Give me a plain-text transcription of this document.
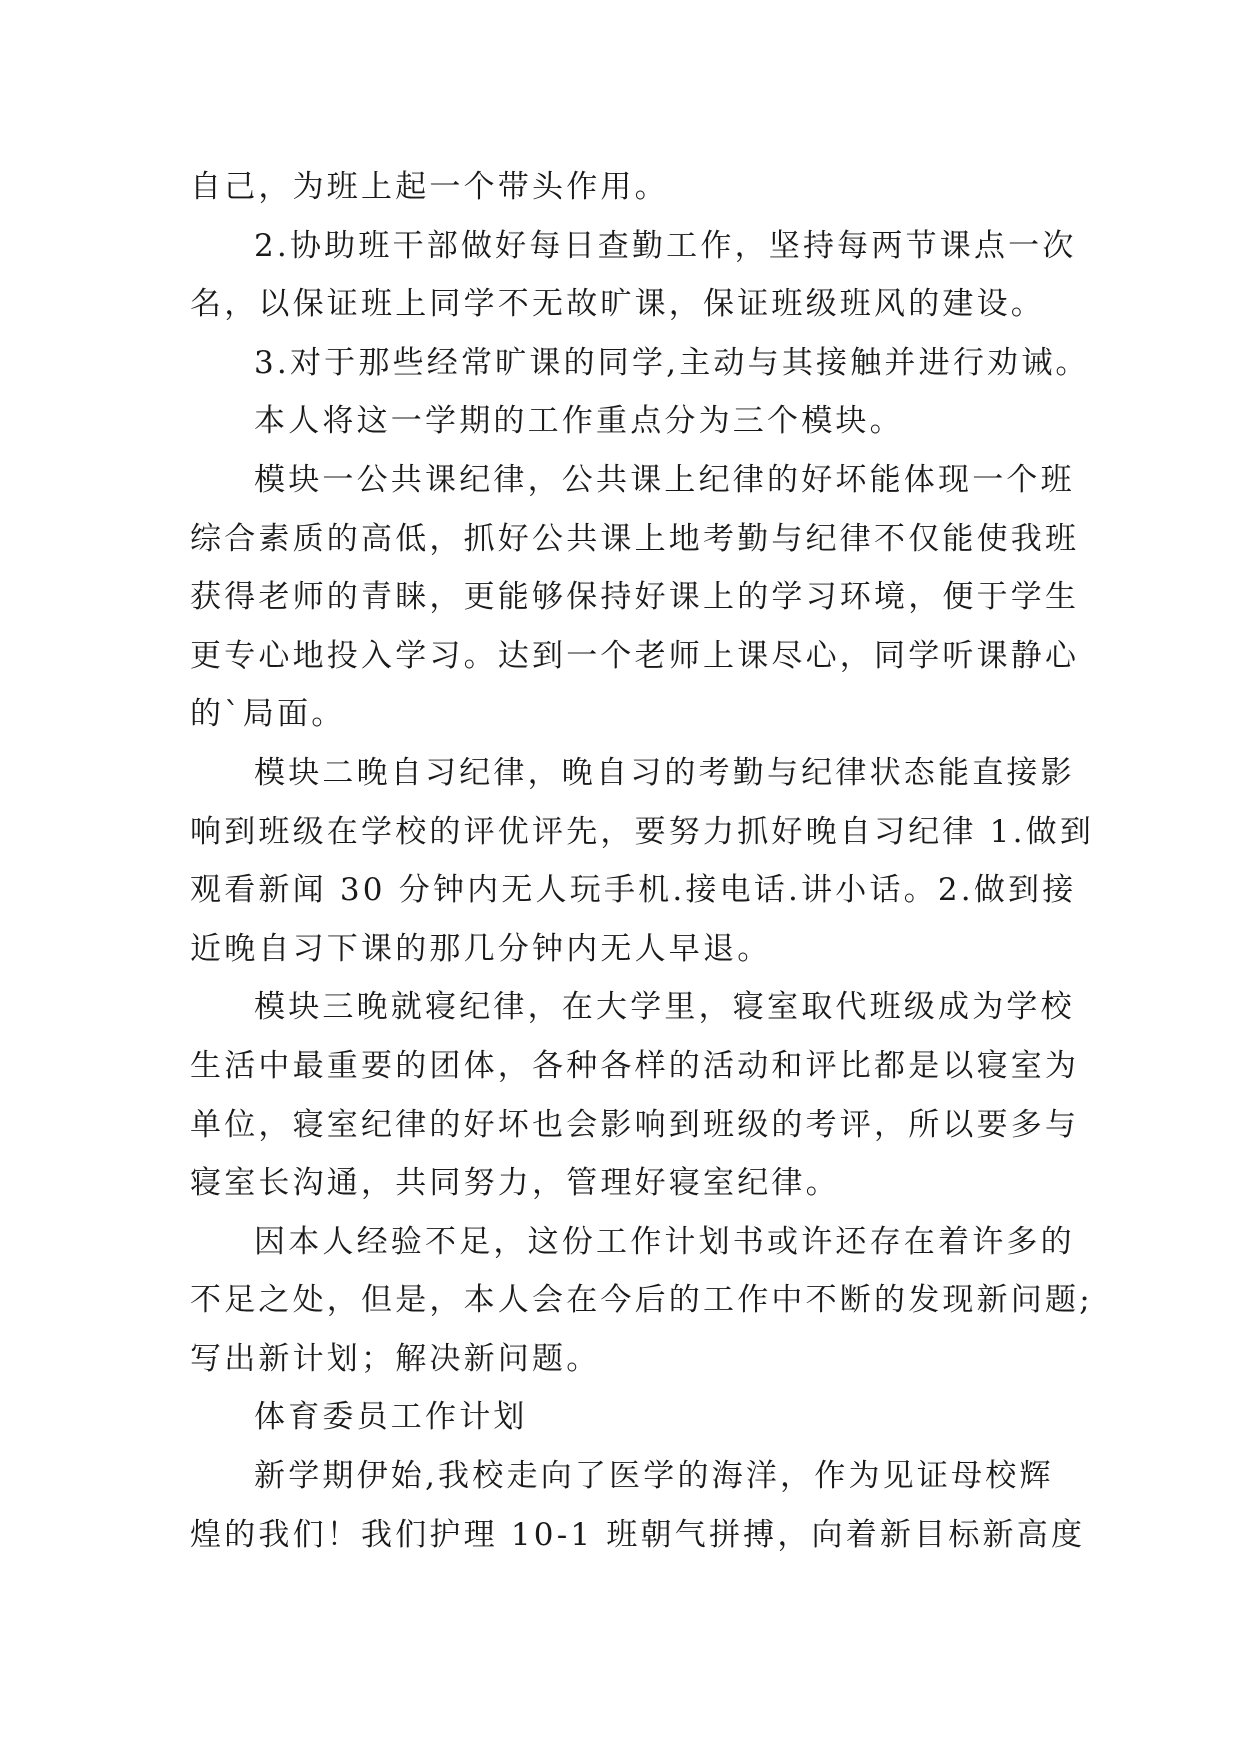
自己，为班上起一个带头作用。
2.协助班干部做好每日查勤工作，坚持每两节课点一次
名，以保证班上同学不无故旷课，保证班级班风的建设。
3.对于那些经常旷课的同学,主动与其接触并进行劝诫。
本人将这一学期的工作重点分为三个模块。
模块一公共课纪律，公共课上纪律的好坏能体现一个班
综合素质的高低，抓好公共课上地考勤与纪律不仅能使我班
获得老师的青睐，更能够保持好课上的学习环境，便于学生
更专心地投入学习。达到一个老师上课尽心，同学听课静心
的`局面。
模块二晚自习纪律，晚自习的考勤与纪律状态能直接影
响到班级在学校的评优评先，要努力抓好晚自习纪律 1.做到
观看新闻 30 分钟内无人玩手机.接电话.讲小话。2.做到接
近晚自习下课的那几分钟内无人早退。
模块三晚就寝纪律，在大学里，寝室取代班级成为学校
生活中最重要的团体，各种各样的活动和评比都是以寝室为
单位，寝室纪律的好坏也会影响到班级的考评，所以要多与
寝室长沟通，共同努力，管理好寝室纪律。
因本人经验不足，这份工作计划书或许还存在着许多的
不足之处，但是，本人会在今后的工作中不断的发现新问题;
写出新计划；解决新问题。
体育委员工作计划
新学期伊始,我校走向了医学的海洋，作为见证母校辉
煌的我们！我们护理 10-1 班朝气拼搏，向着新目标新高度
